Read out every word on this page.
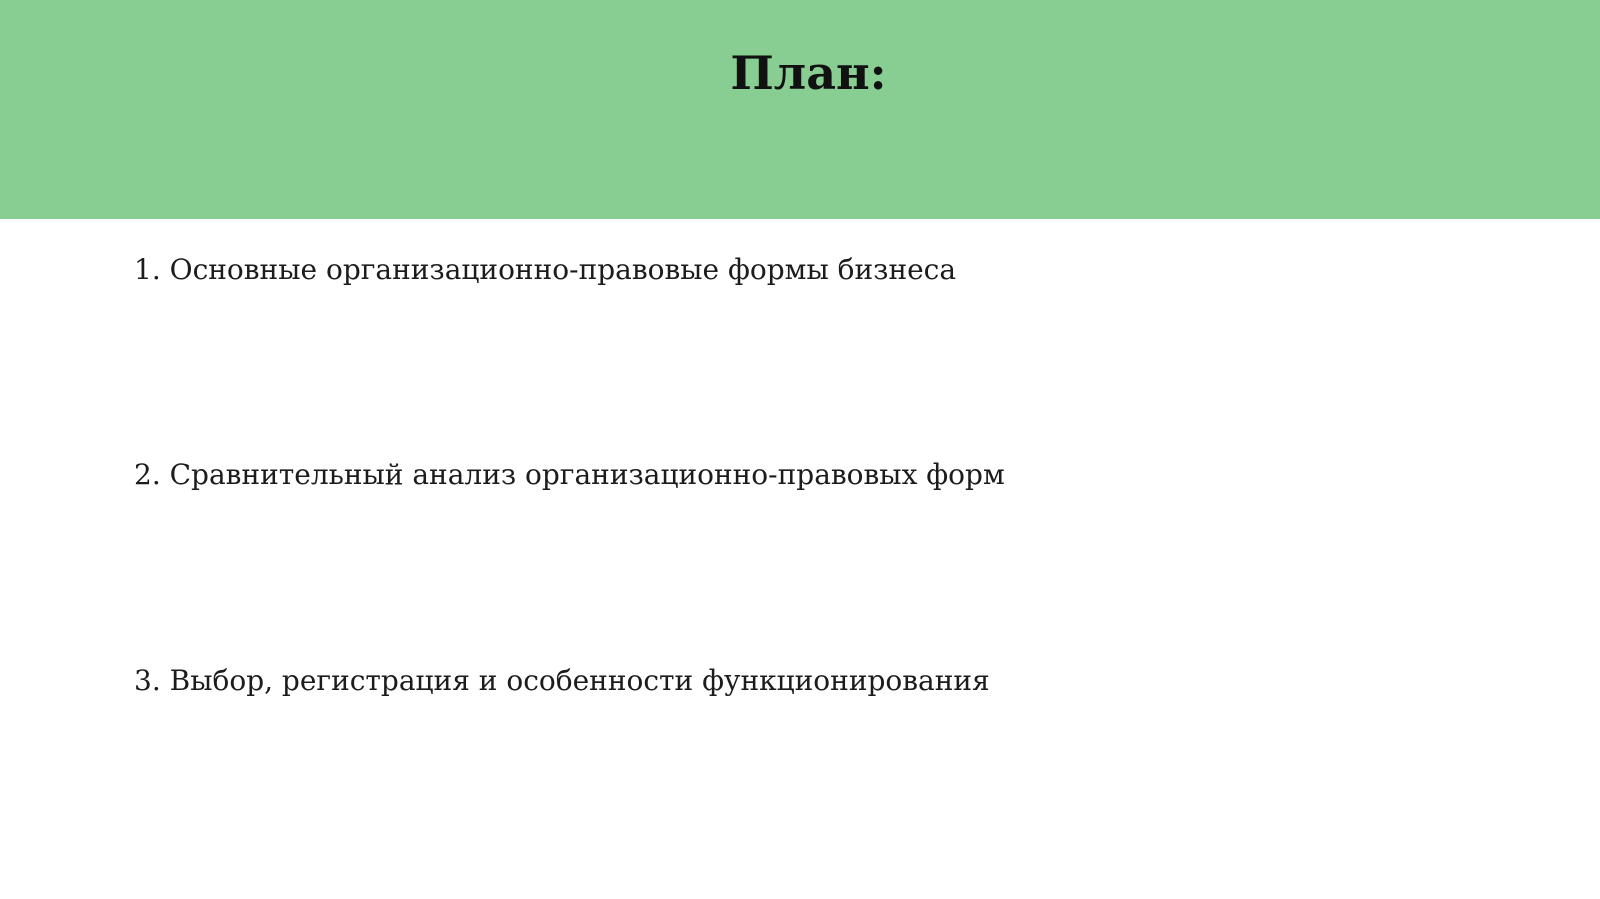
План:
1. Основные организационно-правовые формы бизнеса
2. Сравнительный анализ организационно-правовых форм
3. Выбор, регистрация и особенности функционирования
